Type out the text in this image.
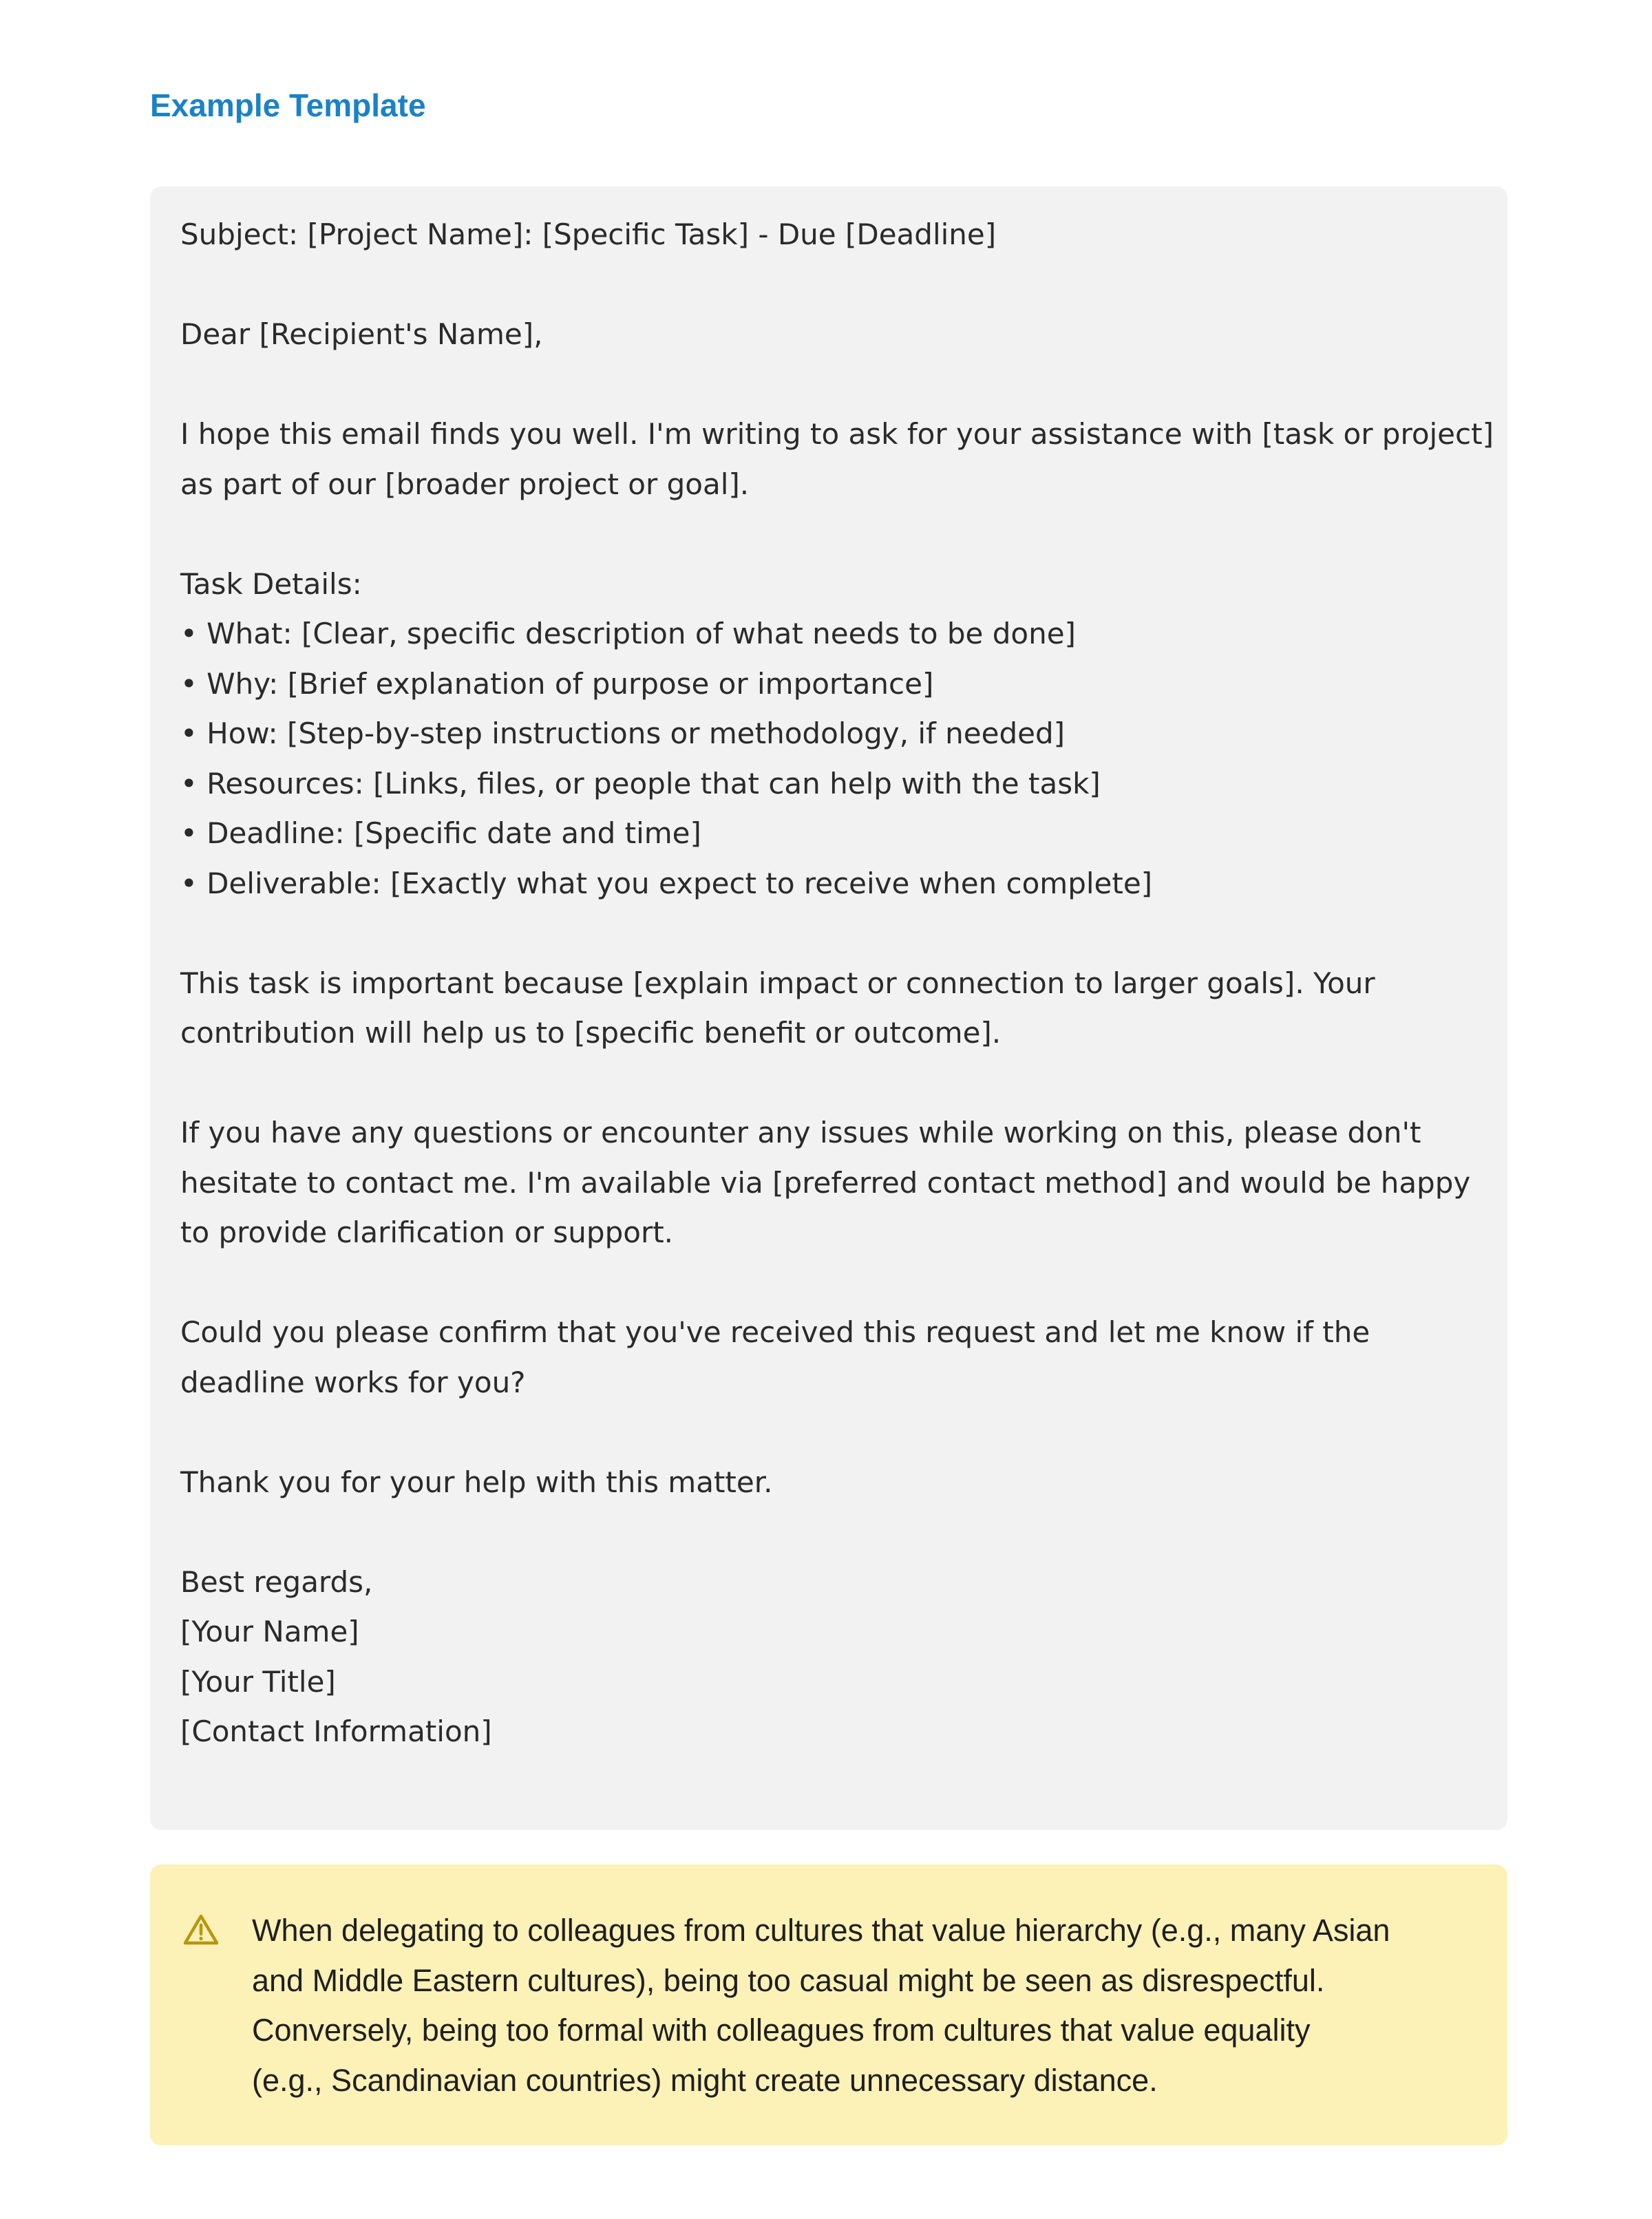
Example Template
Subject: [Project Name]: [Specific Task] - Due [Deadline]
Dear [Recipient's Name],
I hope this email finds you well. I'm writing to ask for your assistance with [task or project]
as part of our [broader project or goal].
Task Details:
• What: [Clear, specific description of what needs to be done]
• Why: [Brief explanation of purpose or importance]
• How: [Step-by-step instructions or methodology, if needed]
• Resources: [Links, files, or people that can help with the task]
• Deadline: [Specific date and time]
• Deliverable: [Exactly what you expect to receive when complete]
This task is important because [explain impact or connection to larger goals]. Your
contribution will help us to [specific benefit or outcome].
If you have any questions or encounter any issues while working on this, please don't
hesitate to contact me. I'm available via [preferred contact method] and would be happy
to provide clarification or support.
Could you please confirm that you've received this request and let me know if the
deadline works for you?
Thank you for your help with this matter.
Best regards,
[Your Name]
[Your Title]
[Contact Information]
When delegating to colleagues from cultures that value hierarchy (e.g., many Asian
and Middle Eastern cultures), being too casual might be seen as disrespectful.
Conversely, being too formal with colleagues from cultures that value equality
(e.g., Scandinavian countries) might create unnecessary distance.
